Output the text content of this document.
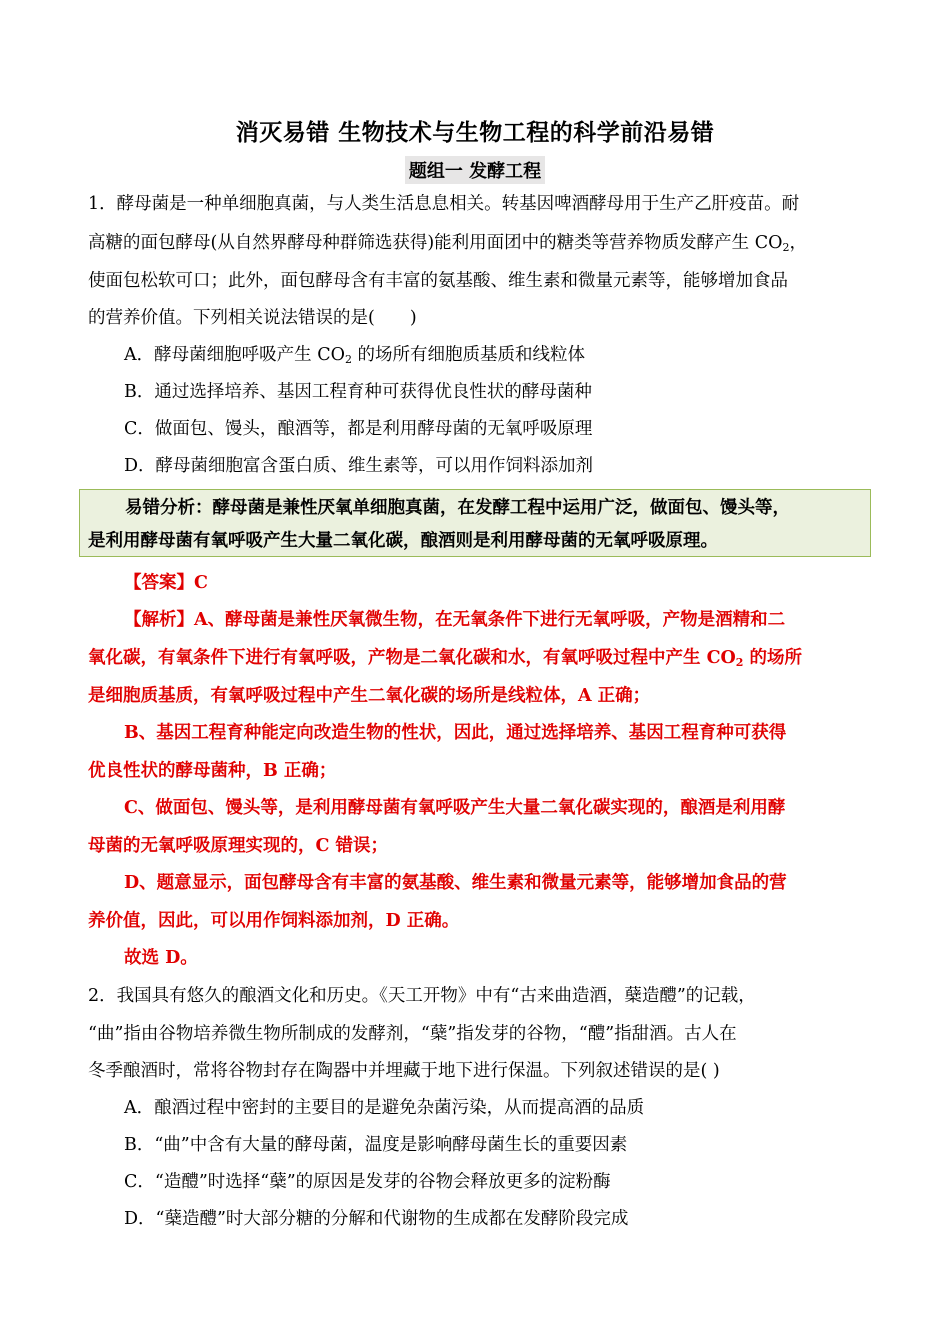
消灭易错 生物技术与生物工程的科学前沿易错
题组一 发酵工程
1．酵母菌是一种单细胞真菌，与人类生活息息相关。转基因啤酒酵母用于生产乙肝疫苗。耐
高糖的面包酵母(从自然界酵母种群筛选获得)能利用面团中的糖类等营养物质发酵产生 $CO_2$，
使面包松软可口；此外，面包酵母含有丰富的氨基酸、维生素和微量元素等，能够增加食品
的营养价值。下列相关说法错误的是(　　)
A．酵母菌细胞呼吸产生 $CO_2$ 的场所有细胞质基质和线粒体
B．通过选择培养、基因工程育种可获得优良性状的酵母菌种
C．做面包、馒头，酿酒等，都是利用酵母菌的无氧呼吸原理
D．酵母菌细胞富含蛋白质、维生素等，可以用作饲料添加剂
易错分析：酵母菌是兼性厌氧单细胞真菌，在发酵工程中运用广泛，做面包、馒头等，
是利用酵母菌有氧呼吸产生大量二氧化碳，酿酒则是利用酵母菌的无氧呼吸原理。
【答案】C
【解析】A、酵母菌是兼性厌氧微生物，在无氧条件下进行无氧呼吸，产物是酒精和二
氧化碳，有氧条件下进行有氧呼吸，产物是二氧化碳和水，有氧呼吸过程中产生 $CO_2$ 的场所
是细胞质基质，有氧呼吸过程中产生二氧化碳的场所是线粒体，A 正确；
B、基因工程育种能定向改造生物的性状，因此，通过选择培养、基因工程育种可获得
优良性状的酵母菌种，B 正确；
C、做面包、馒头等，是利用酵母菌有氧呼吸产生大量二氧化碳实现的，酿酒是利用酵
母菌的无氧呼吸原理实现的，C 错误；
D、题意显示，面包酵母含有丰富的氨基酸、维生素和微量元素等，能够增加食品的营
养价值，因此，可以用作饲料添加剂，D 正确。
故选 D。
2．我国具有悠久的酿酒文化和历史。《天工开物》中有“古来曲造酒，蘖造醴”的记载，
“曲”指由谷物培养微生物所制成的发酵剂，“蘖”指发芽的谷物，“醴”指甜酒。古人在
冬季酿酒时，常将谷物封存在陶器中并埋藏于地下进行保温。下列叙述错误的是( )
A．酿酒过程中密封的主要目的是避免杂菌污染，从而提高酒的品质
B．“曲”中含有大量的酵母菌，温度是影响酵母菌生长的重要因素
C．“造醴”时选择“蘖”的原因是发芽的谷物会释放更多的淀粉酶
D．“蘖造醴”时大部分糖的分解和代谢物的生成都在发酵阶段完成
